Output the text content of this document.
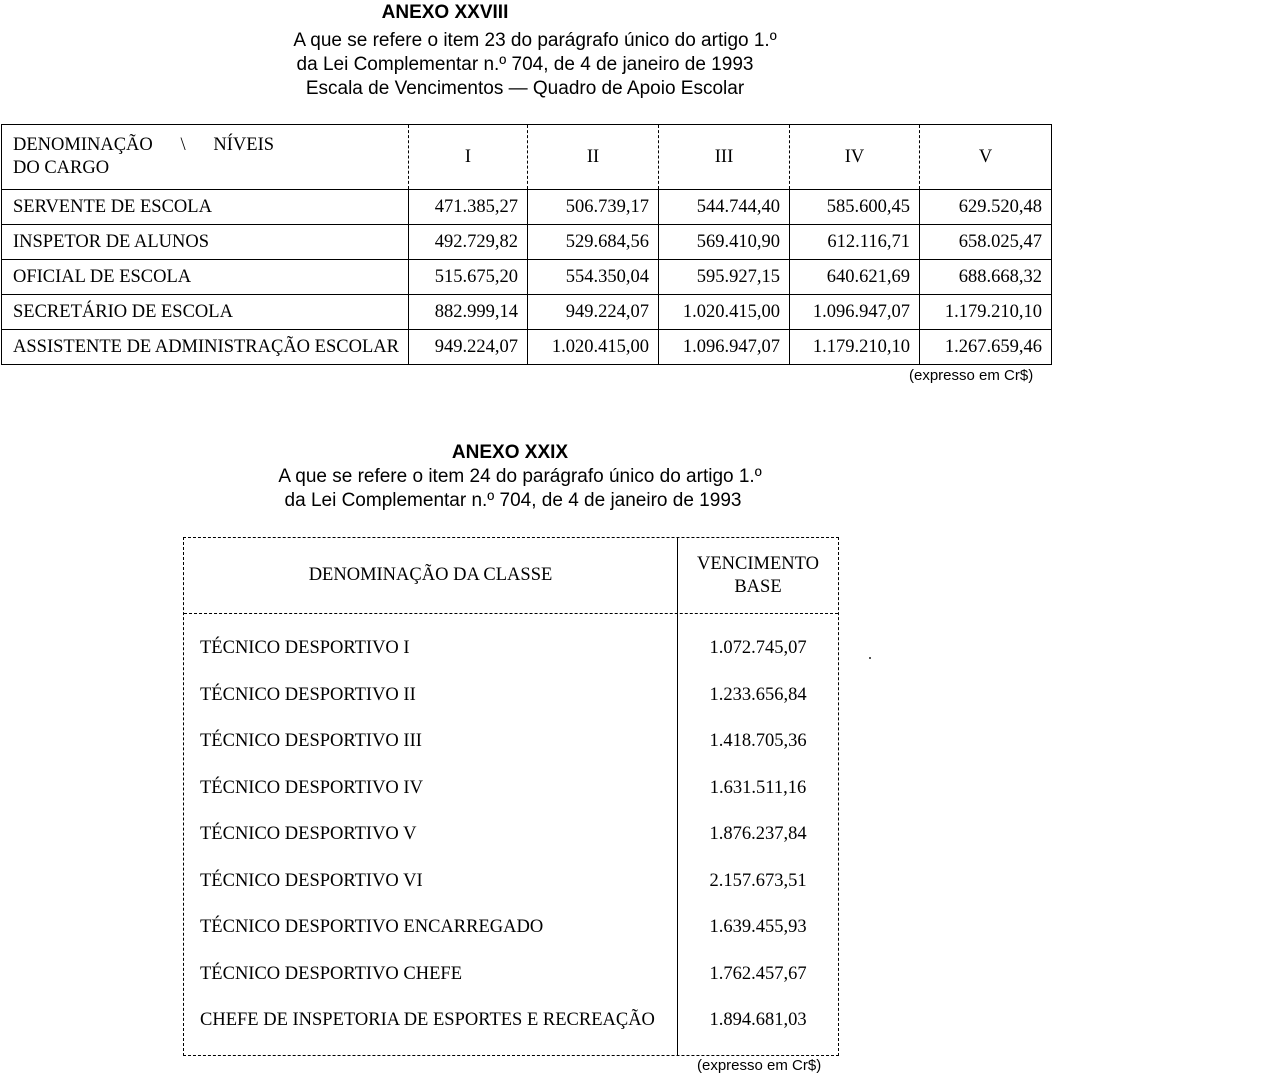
ANEXO XXVIII
A que se refere o item 23 do parágrafo único do artigo 1.º
da Lei Complementar n.º 704, de 4 de janeiro de 1993
Escala de Vencimentos — Quadro de Apoio Escolar
DENOMINAÇÃO      \      NÍVEIS
DO CARGO	I	II	III	IV	V
SERVENTE DE ESCOLA	471.385,27	506.739,17	544.744,40	585.600,45	629.520,48
INSPETOR DE ALUNOS	492.729,82	529.684,56	569.410,90	612.116,71	658.025,47
OFICIAL DE ESCOLA	515.675,20	554.350,04	595.927,15	640.621,69	688.668,32
SECRETÁRIO DE ESCOLA	882.999,14	949.224,07	1.020.415,00	1.096.947,07	1.179.210,10
ASSISTENTE DE ADMINISTRAÇÃO ESCOLAR	949.224,07	1.020.415,00	1.096.947,07	1.179.210,10	1.267.659,46
(expresso em Cr$)
ANEXO XXIX
A que se refere o item 24 do parágrafo único do artigo 1.º
da Lei Complementar n.º 704, de 4 de janeiro de 1993
DENOMINAÇÃO DA CLASSE
VENCIMENTO
BASE
TÉCNICO DESPORTIVO I	1.072.745,07
TÉCNICO DESPORTIVO II	1.233.656,84
TÉCNICO DESPORTIVO III	1.418.705,36
TÉCNICO DESPORTIVO IV	1.631.511,16
TÉCNICO DESPORTIVO V	1.876.237,84
TÉCNICO DESPORTIVO VI	2.157.673,51
TÉCNICO DESPORTIVO ENCARREGADO	1.639.455,93
TÉCNICO DESPORTIVO CHEFE	1.762.457,67
CHEFE DE INSPETORIA DE ESPORTES E RECREAÇÃO	1.894.681,03
(expresso em Cr$)
